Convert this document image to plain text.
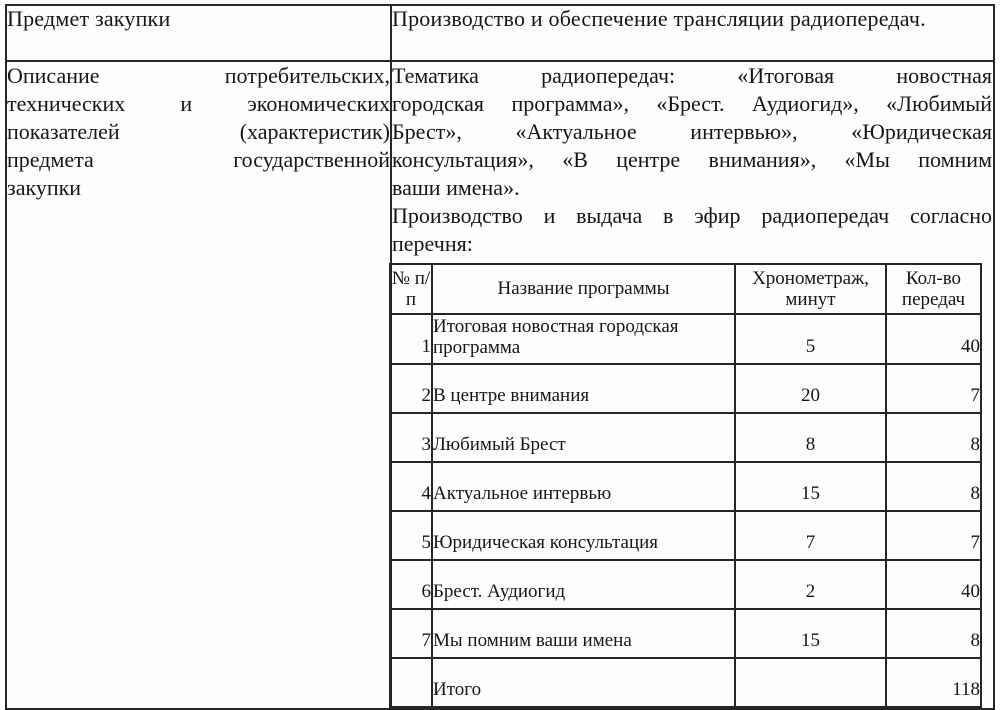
Предмет закупки	Производство и обеспечение трансляции радиопередач.

Описание потребительских,
технических и экономических
показателей (характеристик)
предмета государственной
закупки

Тематика радиопередач: «Итоговая новостная
городская программа», «Брест. Аудиогид», «Любимый
Брест», «Актуальное интервью», «Юридическая
консультация», «В центре внимания», «Мы помним
ваши имена».
Производство и выдача в эфир радиопередач согласно
перечня:
№ п/п	Название программы	Хронометраж, минут	Кол-во передач
1	Итоговая новостная городская программа	5	40
2	В центре внимания	20	7
3	Любимый Брест	8	8
4	Актуальное интервью	15	8
5	Юридическая консультация	7	7
6	Брест. Аудиогид	2	40
7	Мы помним ваши имена	15	8
	Итого		118
